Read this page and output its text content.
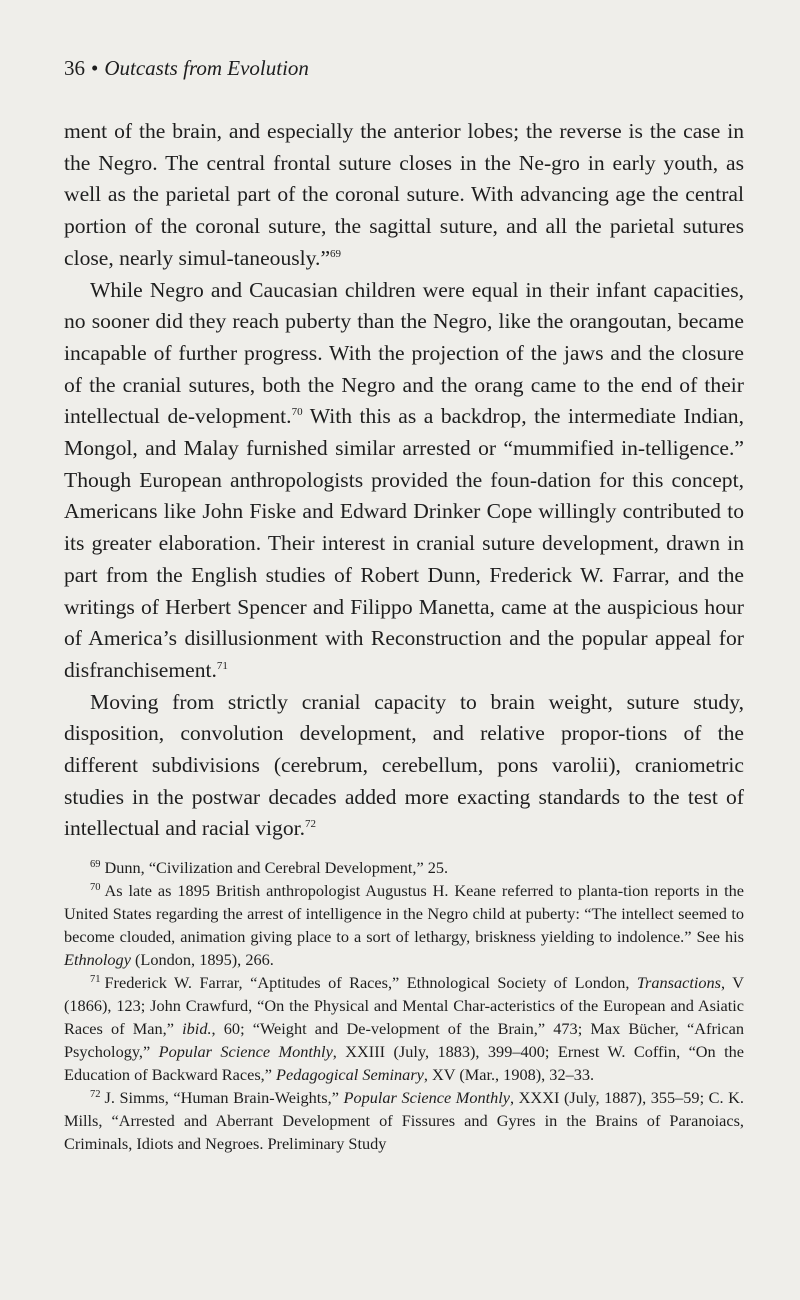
36 • Outcasts from Evolution

ment of the brain, and especially the anterior lobes; the reverse is the case in the Negro. The central frontal suture closes in the Ne-gro in early youth, as well as the parietal part of the coronal suture. With advancing age the central portion of the coronal suture, the sagittal suture, and all the parietal sutures close, nearly simul-taneously.”$^{69}$

While Negro and Caucasian children were equal in their infant capacities, no sooner did they reach puberty than the Negro, like the orangoutan, became incapable of further progress. With the projection of the jaws and the closure of the cranial sutures, both the Negro and the orang came to the end of their intellectual de-velopment.$^{70}$ With this as a backdrop, the intermediate Indian, Mongol, and Malay furnished similar arrested or “mummified in-telligence.” Though European anthropologists provided the foun-dation for this concept, Americans like John Fiske and Edward Drinker Cope willingly contributed to its greater elaboration. Their interest in cranial suture development, drawn in part from the English studies of Robert Dunn, Frederick W. Farrar, and the writings of Herbert Spencer and Filippo Manetta, came at the auspicious hour of America’s disillusionment with Reconstruction and the popular appeal for disfranchisement.$^{71}$

Moving from strictly cranial capacity to brain weight, suture study, disposition, convolution development, and relative propor-tions of the different subdivisions (cerebrum, cerebellum, pons varolii), craniometric studies in the postwar decades added more exacting standards to the test of intellectual and racial vigor.$^{72}$

$^{69}$ Dunn, “Civilization and Cerebral Development,” 25.

$^{70}$ As late as 1895 British anthropologist Augustus H. Keane referred to planta-tion reports in the United States regarding the arrest of intelligence in the Negro child at puberty: “The intellect seemed to become clouded, animation giving place to a sort of lethargy, briskness yielding to indolence.” See his Ethnology (London, 1895), 266.

$^{71}$ Frederick W. Farrar, “Aptitudes of Races,” Ethnological Society of London, Transactions, V (1866), 123; John Crawfurd, “On the Physical and Mental Char-acteristics of the European and Asiatic Races of Man,” ibid., 60; “Weight and De-velopment of the Brain,” 473; Max Bücher, “African Psychology,” Popular Science Monthly, XXIII (July, 1883), 399–400; Ernest W. Coffin, “On the Education of Backward Races,” Pedagogical Seminary, XV (Mar., 1908), 32–33.

$^{72}$ J. Simms, “Human Brain-Weights,” Popular Science Monthly, XXXI (July, 1887), 355–59; C. K. Mills, “Arrested and Aberrant Development of Fissures and Gyres in the Brains of Paranoiacs, Criminals, Idiots and Negroes. Preliminary Study
